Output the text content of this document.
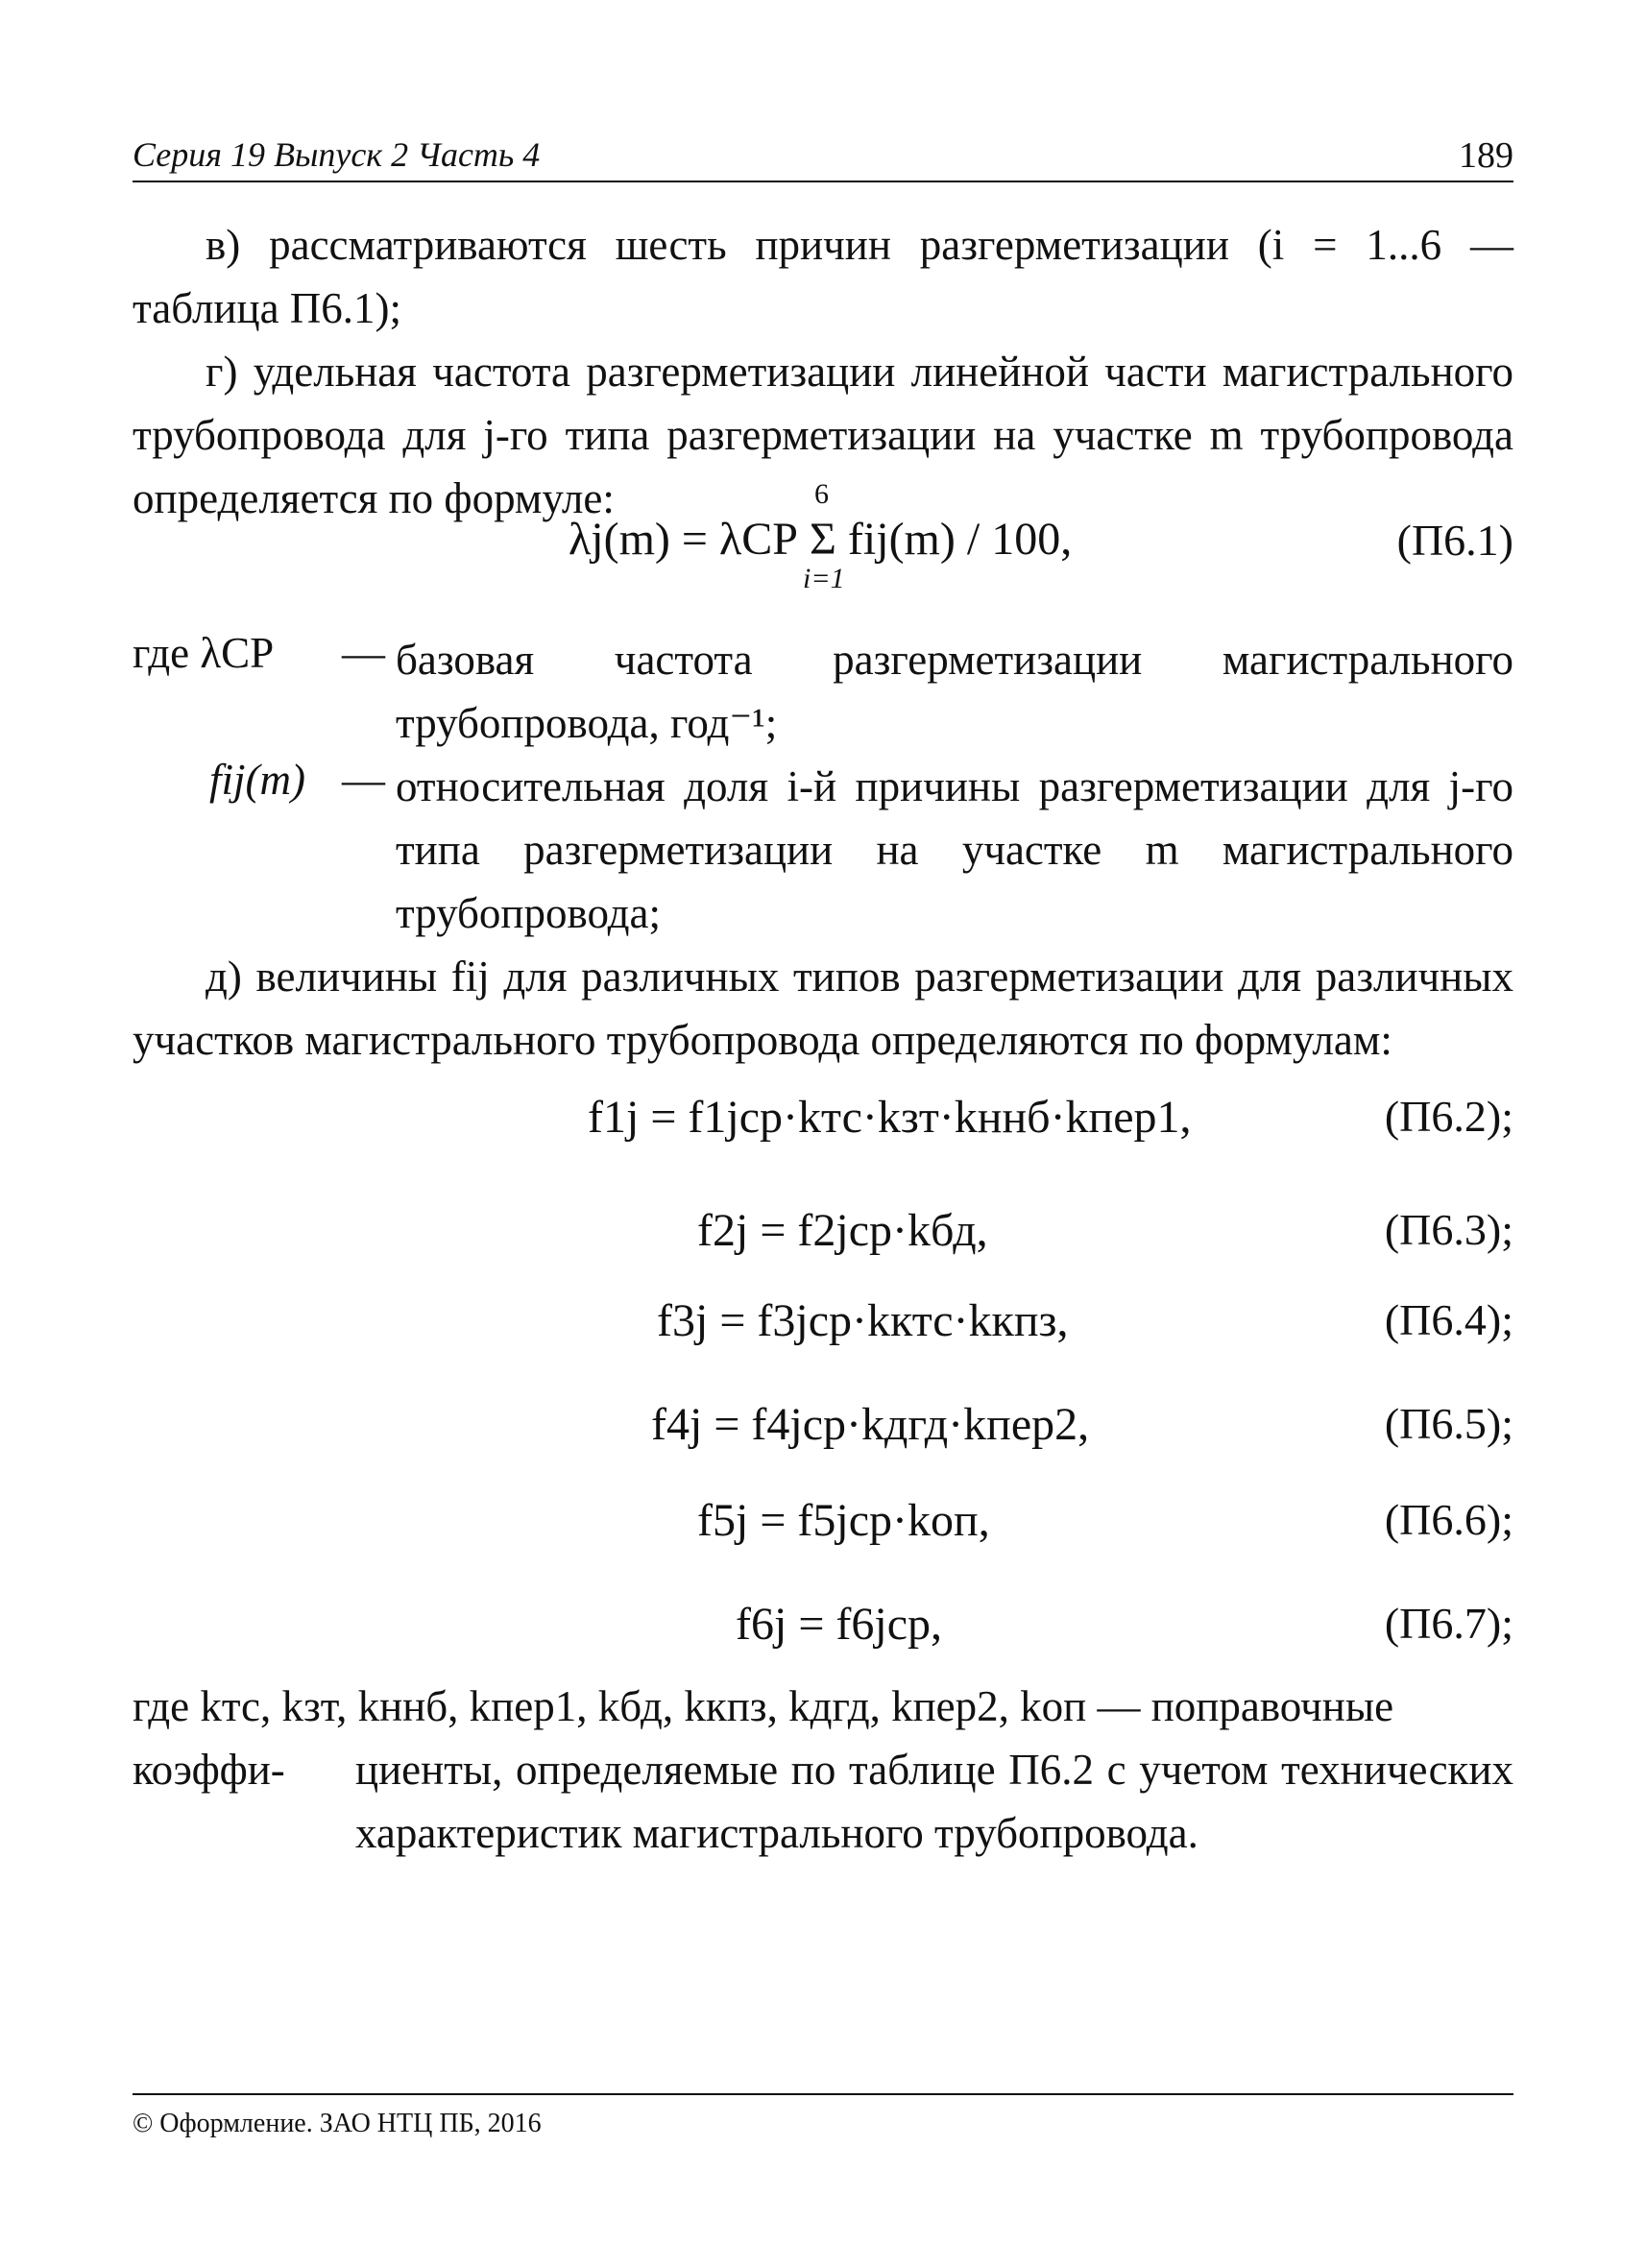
Серия 19 Выпуск 2 Часть 4	189
в) рассматриваются шесть причин разгерметизации (i = 1...6 — таблица П6.1);
г) удельная частота разгерметизации линейной части магистрального трубопровода для j-го типа разгерметизации на участке m трубопровода определяется по формуле:
λj(m) = λСР Σ fij(m) / 100,
6
i=1
(П6.1)
где λСР — базовая частота разгерметизации магистрального трубопровода, год⁻¹;
fij(m) — относительная доля i-й причины разгерметизации для j-го типа разгерметизации на участке m магистрального трубопровода;
д) величины fij для различных типов разгерметизации для различных участков магистрального трубопровода определяются по формулам:
f1j = f1jср·kтс·kзт·kннб·kпер1,	(П6.2);
f2j = f2jср·kбд,	(П6.3);
f3j = f3jср·kктс·kкпз,	(П6.4);
f4j = f4jср·kдгд·kпер2,	(П6.5);
f5j = f5jср·kоп,	(П6.6);
f6j = f6jср,	(П6.7);
где kтс, kзт, kннб, kпер1, kбд, kкпз, kдгд, kпер2, kоп — поправочные коэффи-	циенты, определяемые по таблице П6.2 с учетом технических характеристик магистрального трубопровода.
© Оформление. ЗАО НТЦ ПБ, 2016
